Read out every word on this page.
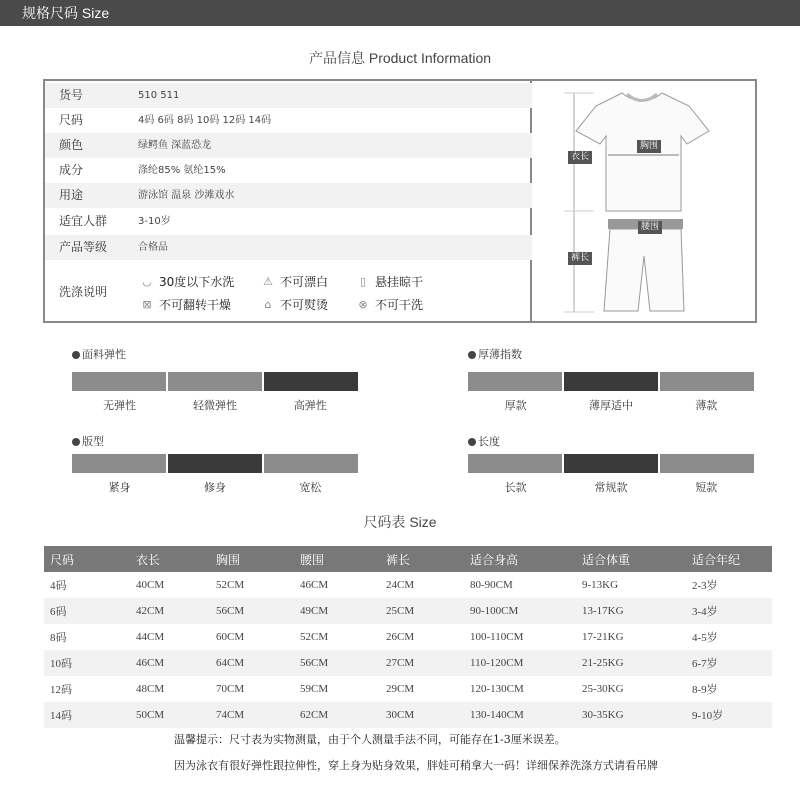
规格尺码 Size
产品信息 Product Information
货号	510 511
尺码	4码 6码 8码 10码 12码 14码
颜色	绿鳄鱼 深蓝恐龙
成分	涤纶85% 氨纶15%
用途	游泳馆 温泉 沙滩戏水
适宜人群	3-10岁
产品等级	合格品
洗涤说明
◡ 30度以下水洗	⚠ 不可漂白	▯ 悬挂晾干
⊠ 不可翻转干燥	⌂ 不可熨烫	⊗ 不可干洗
衣长
胸围
腰围
裤长
面料弹性
无弹性	轻微弹性	高弹性
厚薄指数
厚款	薄厚适中	薄款
版型
紧身	修身	宽松
长度
长款	常规款	短款
尺码表 Size
尺码	衣长	胸围	腰围	裤长	适合身高	适合体重	适合年纪
4码	40CM	52CM	46CM	24CM	80-90CM	9-13KG	2-3岁
6码	42CM	56CM	49CM	25CM	90-100CM	13-17KG	3-4岁
8码	44CM	60CM	52CM	26CM	100-110CM	17-21KG	4-5岁
10码	46CM	64CM	56CM	27CM	110-120CM	21-25KG	6-7岁
12码	48CM	70CM	59CM	29CM	120-130CM	25-30KG	8-9岁
14码	50CM	74CM	62CM	30CM	130-140CM	30-35KG	9-10岁
温馨提示：尺寸表为实物测量，由于个人测量手法不同，可能存在1-3厘米误差。
因为泳衣有很好弹性跟拉伸性，穿上身为贴身效果，胖娃可稍拿大一码！详细保养洗涤方式请看吊牌
